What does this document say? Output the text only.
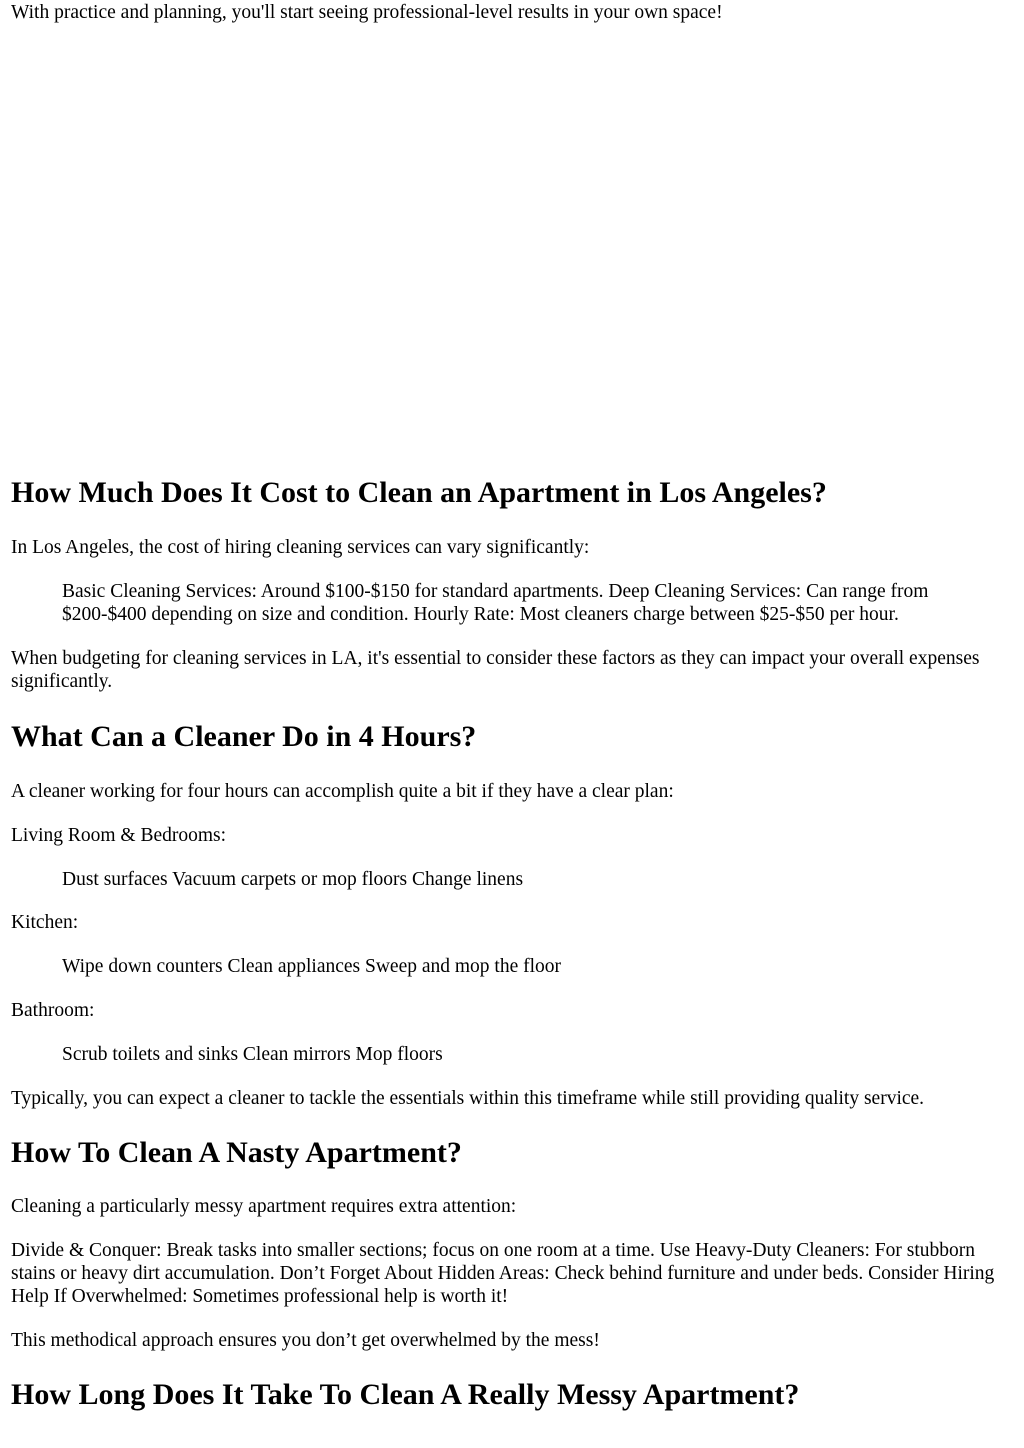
With practice and planning, you'll start seeing professional-level results in your own space!

How Much Does It Cost to Clean an Apartment in Los Angeles?

In Los Angeles, the cost of hiring cleaning services can vary significantly:

Basic Cleaning Services: Around $100-$150 for standard apartments. Deep Cleaning Services: Can range from $200-$400 depending on size and condition. Hourly Rate: Most cleaners charge between $25-$50 per hour.

When budgeting for cleaning services in LA, it's essential to consider these factors as they can impact your overall expenses significantly.

What Can a Cleaner Do in 4 Hours?

A cleaner working for four hours can accomplish quite a bit if they have a clear plan:

Living Room & Bedrooms:

Dust surfaces Vacuum carpets or mop floors Change linens

Kitchen:

Wipe down counters Clean appliances Sweep and mop the floor

Bathroom:

Scrub toilets and sinks Clean mirrors Mop floors

Typically, you can expect a cleaner to tackle the essentials within this timeframe while still providing quality service.

How To Clean A Nasty Apartment?

Cleaning a particularly messy apartment requires extra attention:

Divide & Conquer: Break tasks into smaller sections; focus on one room at a time. Use Heavy-Duty Cleaners: For stubborn stains or heavy dirt accumulation. Don’t Forget About Hidden Areas: Check behind furniture and under beds. Consider Hiring Help If Overwhelmed: Sometimes professional help is worth it!

This methodical approach ensures you don’t get overwhelmed by the mess!

How Long Does It Take To Clean A Really Messy Apartment?
